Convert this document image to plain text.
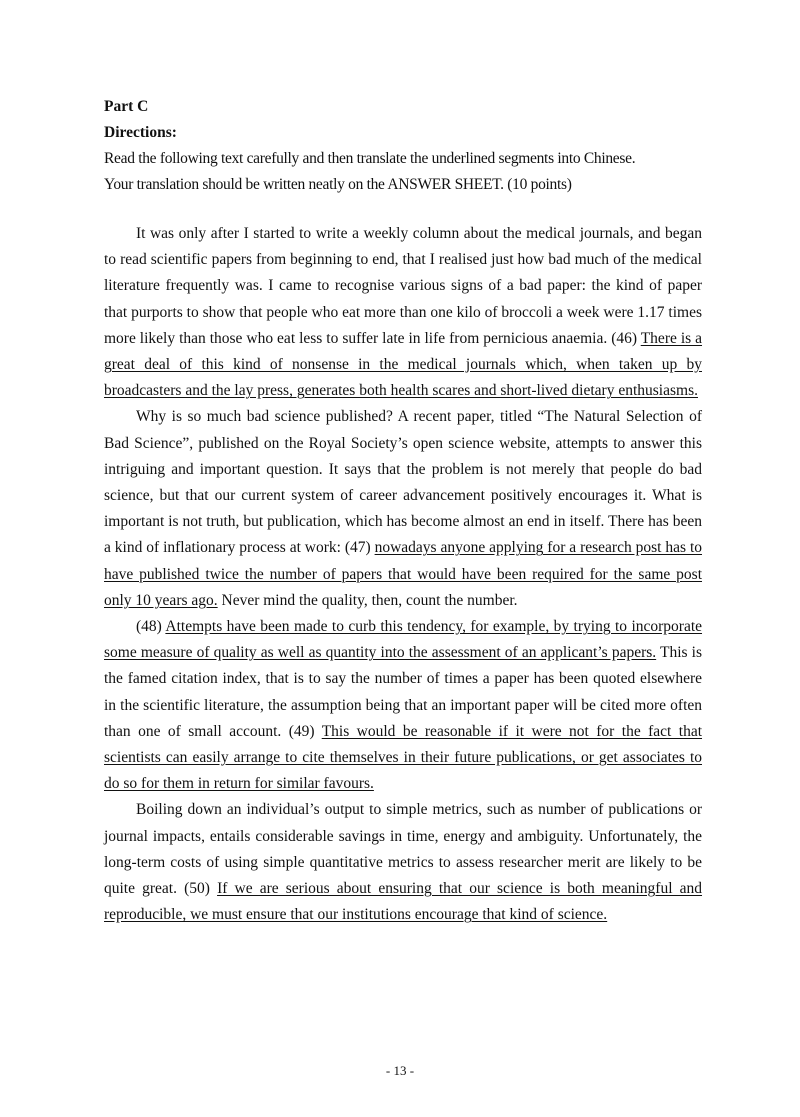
Part C
Directions:
Read the following text carefully and then translate the underlined segments into Chinese.
Your translation should be written neatly on the ANSWER SHEET. (10 points)

It was only after I started to write a weekly column about the medical journals, and began to read scientific papers from beginning to end, that I realised just how bad much of the medical literature frequently was. I came to recognise various signs of a bad paper: the kind of paper that purports to show that people who eat more than one kilo of broccoli a week were 1.17 times more likely than those who eat less to suffer late in life from pernicious anaemia. (46) There is a great deal of this kind of nonsense in the medical journals which, when taken up by broadcasters and the lay press, generates both health scares and short-lived dietary enthusiasms.

Why is so much bad science published? A recent paper, titled “The Natural Selection of Bad Science”, published on the Royal Society’s open science website, attempts to answer this intriguing and important question. It says that the problem is not merely that people do bad science, but that our current system of career advancement positively encourages it. What is important is not truth, but publication, which has become almost an end in itself. There has been a kind of inflationary process at work: (47) nowadays anyone applying for a research post has to have published twice the number of papers that would have been required for the same post only 10 years ago. Never mind the quality, then, count the number.

(48) Attempts have been made to curb this tendency, for example, by trying to incorporate some measure of quality as well as quantity into the assessment of an applicant’s papers. This is the famed citation index, that is to say the number of times a paper has been quoted elsewhere in the scientific literature, the assumption being that an important paper will be cited more often than one of small account. (49) This would be reasonable if it were not for the fact that scientists can easily arrange to cite themselves in their future publications, or get associates to do so for them in return for similar favours.

Boiling down an individual’s output to simple metrics, such as number of publications or journal impacts, entails considerable savings in time, energy and ambiguity. Unfortunately, the long-term costs of using simple quantitative metrics to assess researcher merit are likely to be quite great. (50) If we are serious about ensuring that our science is both meaningful and reproducible, we must ensure that our institutions encourage that kind of science.

- 13 -
